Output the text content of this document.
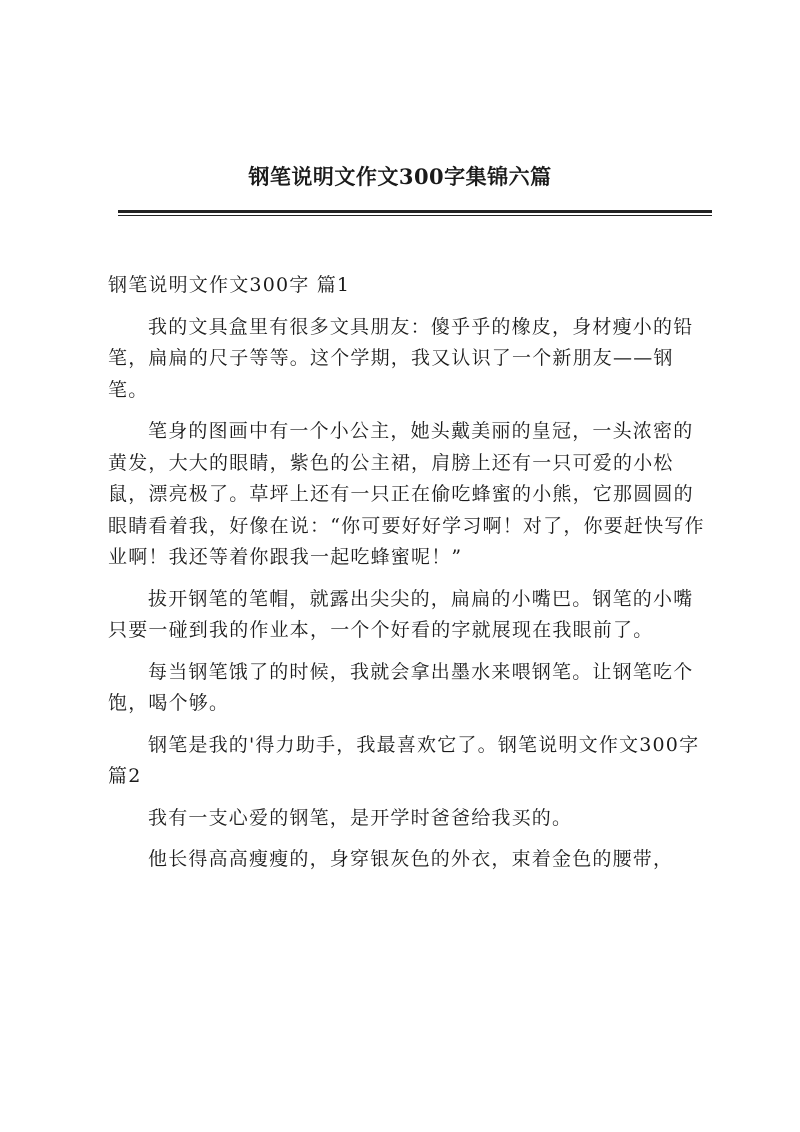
钢笔说明文作文300字集锦六篇

钢笔说明文作文300字 篇1

我的文具盒里有很多文具朋友：傻乎乎的橡皮，身材瘦小的铅笔，扁扁的尺子等等。这个学期，我又认识了一个新朋友——钢笔。

笔身的图画中有一个小公主，她头戴美丽的皇冠，一头浓密的黄发，大大的眼睛，紫色的公主裙，肩膀上还有一只可爱的小松鼠，漂亮极了。草坪上还有一只正在偷吃蜂蜜的小熊，它那圆圆的眼睛看着我，好像在说：“你可要好好学习啊！对了，你要赶快写作业啊！我还等着你跟我一起吃蜂蜜呢！”

拔开钢笔的笔帽，就露出尖尖的，扁扁的小嘴巴。钢笔的小嘴只要一碰到我的作业本，一个个好看的字就展现在我眼前了。

每当钢笔饿了的时候，我就会拿出墨水来喂钢笔。让钢笔吃个饱，喝个够。

钢笔是我的'得力助手，我最喜欢它了。钢笔说明文作文300字 篇2

我有一支心爱的钢笔，是开学时爸爸给我买的。

他长得高高瘦瘦的，身穿银灰色的外衣，束着金色的腰带，
